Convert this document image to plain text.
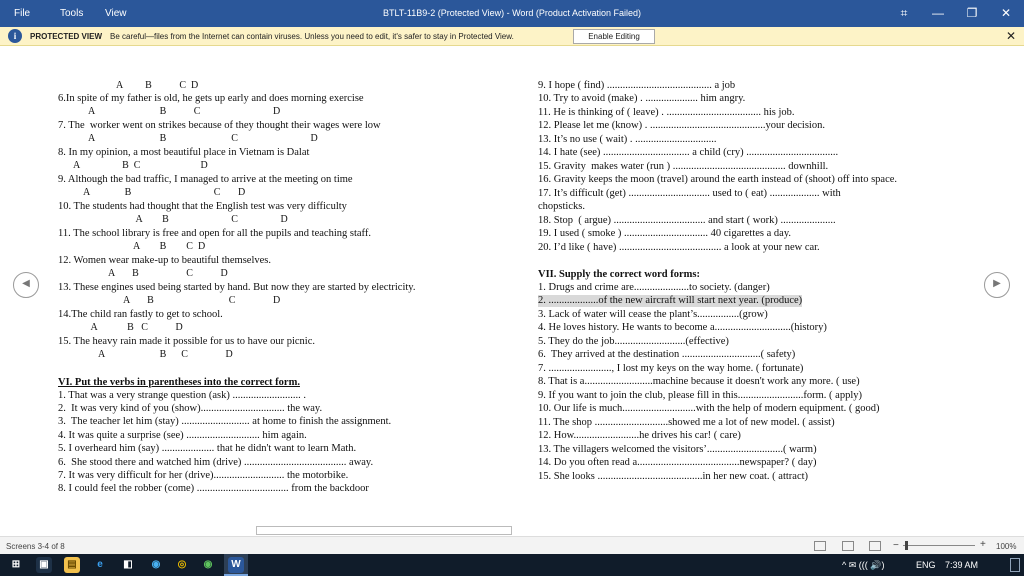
File	Tools View	BTLT-11B9-2 (Protected View) - Word (Product Activation Failed)	⌗	—	❐	✕
i	PROTECTED VIEW Be careful—files from the Internet can contain viruses. Unless you need to edit, it's safer to stay in Protected View.	Enable Editing	✕
A         B           C  D
6.In spite of my father is old, he gets up early and does morning exercise
A                          B           C                             D
7. The  worker went on strikes because of they thought their wages were low
A                          B                          C                             D
8. In my opinion, a most beautiful place in Vietnam is Dalat
A                 B  C                        D
9. Although the bad traffic, I managed to arrive at the meeting on time
A              B                                 C       D
10. The students had thought that the English test was very difficulty
A        B                         C                 D
11. The school library is free and open for all the pupils and teaching staff.
A        B        C  D
12. Women wear make-up to beautiful themselves.
A       B                   C           D
13. These engines used being started by hand. But now they are started by electricity.
A       B                              C               D
14.The child ran fastly to get to school.
A            B   C           D
15. The heavy rain made it possible for us to have our picnic.
A                      B      C               D
VI. Put the verbs in parentheses into the correct form.
1. That was a very strange question (ask) .......................... .
2.  It was very kind of you (show)................................ the way.
3.  The teacher let him (stay) .......................... at home to finish the assignment.
4. It was quite a surprise (see) ............................ him again.
5. I overheard him (say) .................... that he didn't want to learn Math.
6.  She stood there and watched him (drive) ....................................... away.
7. It was very difficult for her (drive)........................... the motorbike.
8. I could feel the robber (come) ................................... from the backdoor
9. I hope ( find) ........................................ a job
10. Try to avoid (make) . .................... him angry.
11. He is thinking of ( leave) . .................................... his job.
12. Please let me (know) . ............................................your decision.
13. It’s no use ( wait) . ...............................
14. I hate (see) ................................. a child (cry) ...................................
15. Gravity  makes water (run ) ........................................... downhill.
16. Gravity keeps the moon (travel) around the earth instead of (shoot) off into space.
17. It’s difficult (get) ............................... used to ( eat) ................... with
chopsticks.
18. Stop  ( argue) ................................... and start ( work) .....................
19. I used ( smoke ) ................................ 40 cigarettes a day.
20. I’d like ( have) ....................................... a look at your new car.
VII. Supply the correct word forms:
1. Drugs and crime are.....................to society. (danger)
2. ...................of the new aircraft will start next year. (produce)
3. Lack of water will cease the plant’s................(grow)
4. He loves history. He wants to become a.............................(history)
5. They do the job...........................(effective)
6.  They arrived at the destination ..............................( safety)
7. ........................, I lost my keys on the way home. ( fortunate)
8. That is a..........................machine because it doesn't work any more. ( use)
9. If you want to join the club, please fill in this.........................form. ( apply)
10. Our life is much............................with the help of modern equipment. ( good)
11. The shop ............................showed me a lot of new model. ( assist)
12. How.........................he drives his car! ( care)
13. The villagers welcomed the visitors’.............................( warm)
14. Do you often read a.......................................newspaper? ( day)
15. She looks ........................................in her new coat. ( attract)
◀	▶
Screens 3-4 of 8	−	+ 100%
⊞	▣	▤	e	◧	◉	◎	◉	W	^ ✉ ((( 🔊)	ENG 7:39 AM
